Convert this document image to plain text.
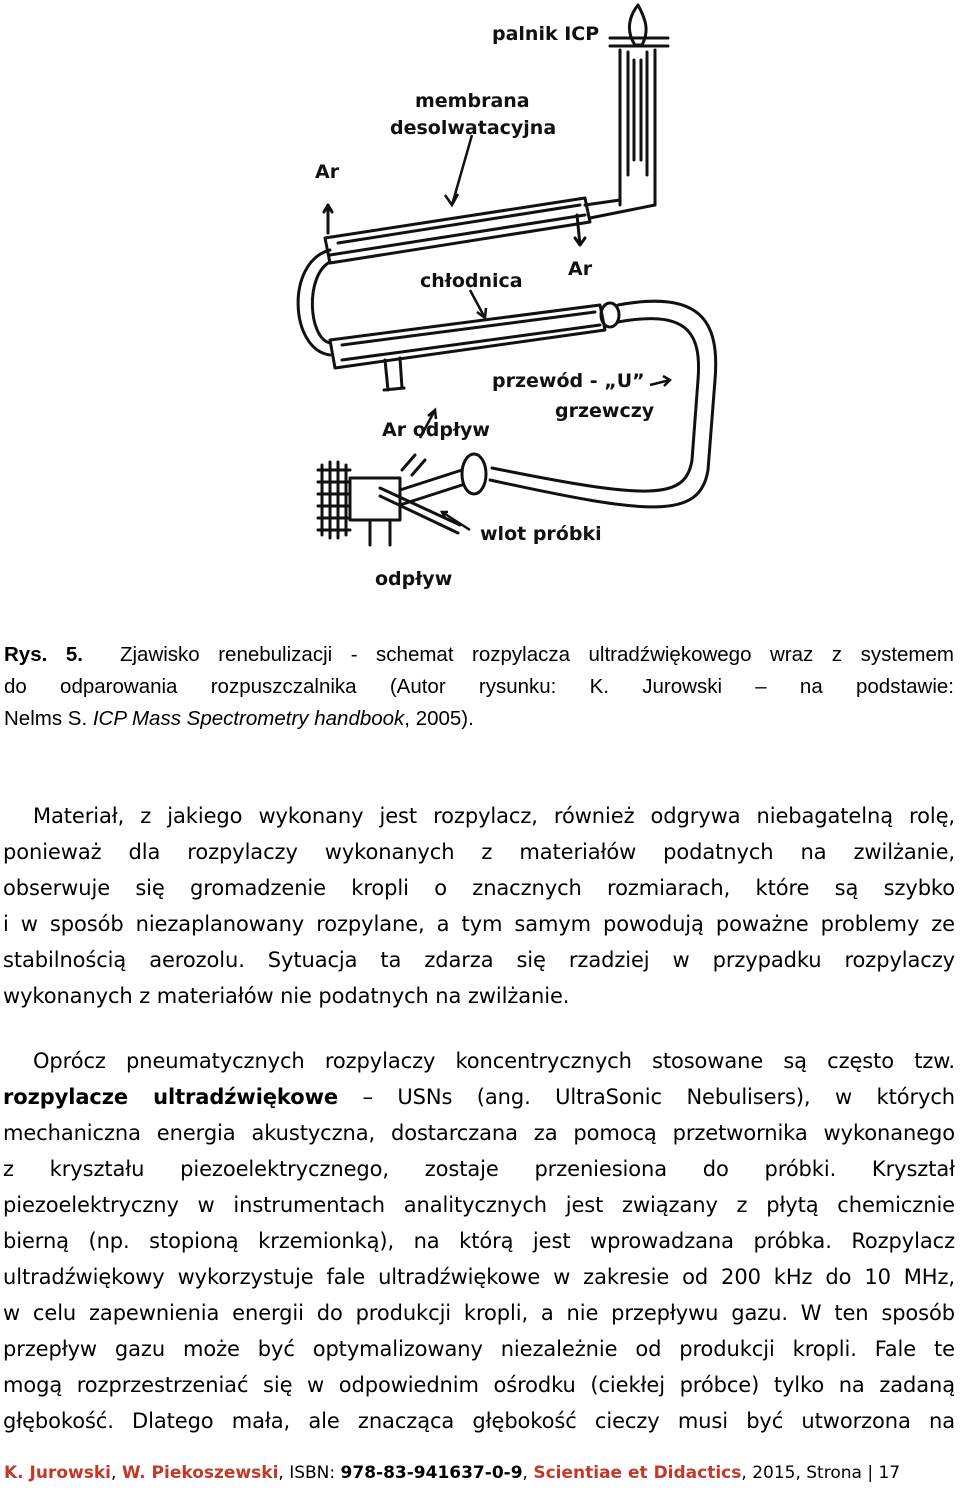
palnik ICP
membrana
desolwatacyjna
Ar
Ar
chłodnica
przewód - „U”
grzewczy
Ar odpływ
wlot próbki
odpływ
Rys. 5. Zjawisko renebulizacji - schemat rozpylacza ultradźwiękowego wraz z systemem
do odparowania rozpuszczalnika (Autor rysunku: K. Jurowski – na podstawie:
Nelms S. ICP Mass Spectrometry handbook, 2005).
Materiał, z jakiego wykonany jest rozpylacz, również odgrywa niebagatelną rolę,
ponieważ dla rozpylaczy wykonanych z materiałów podatnych na zwilżanie,
obserwuje się gromadzenie kropli o znacznych rozmiarach, które są szybko
i w sposób niezaplanowany rozpylane, a tym samym powodują poważne problemy ze
stabilnością aerozolu. Sytuacja ta zdarza się rzadziej w przypadku rozpylaczy
wykonanych z materiałów nie podatnych na zwilżanie.
Oprócz pneumatycznych rozpylaczy koncentrycznych stosowane są często tzw.
rozpylacze ultradźwiękowe – USNs (ang. UltraSonic Nebulisers), w których
mechaniczna energia akustyczna, dostarczana za pomocą przetwornika wykonanego
z kryształu piezoelektrycznego, zostaje przeniesiona do próbki. Kryształ
piezoelektryczny w instrumentach analitycznych jest związany z płytą chemicznie
bierną (np. stopioną krzemionką), na którą jest wprowadzana próbka. Rozpylacz
ultradźwiękowy wykorzystuje fale ultradźwiękowe w zakresie od 200 kHz do 10 MHz,
w celu zapewnienia energii do produkcji kropli, a nie przepływu gazu. W ten sposób
przepływ gazu może być optymalizowany niezależnie od produkcji kropli. Fale te
mogą rozprzestrzeniać się w odpowiednim ośrodku (ciekłej próbce) tylko na zadaną
głębokość. Dlatego mała, ale znacząca głębokość cieczy musi być utworzona na
K. Jurowski, W. Piekoszewski, ISBN: 978-83-941637-0-9, Scientiae et Didactics, 2015, Strona | 17
